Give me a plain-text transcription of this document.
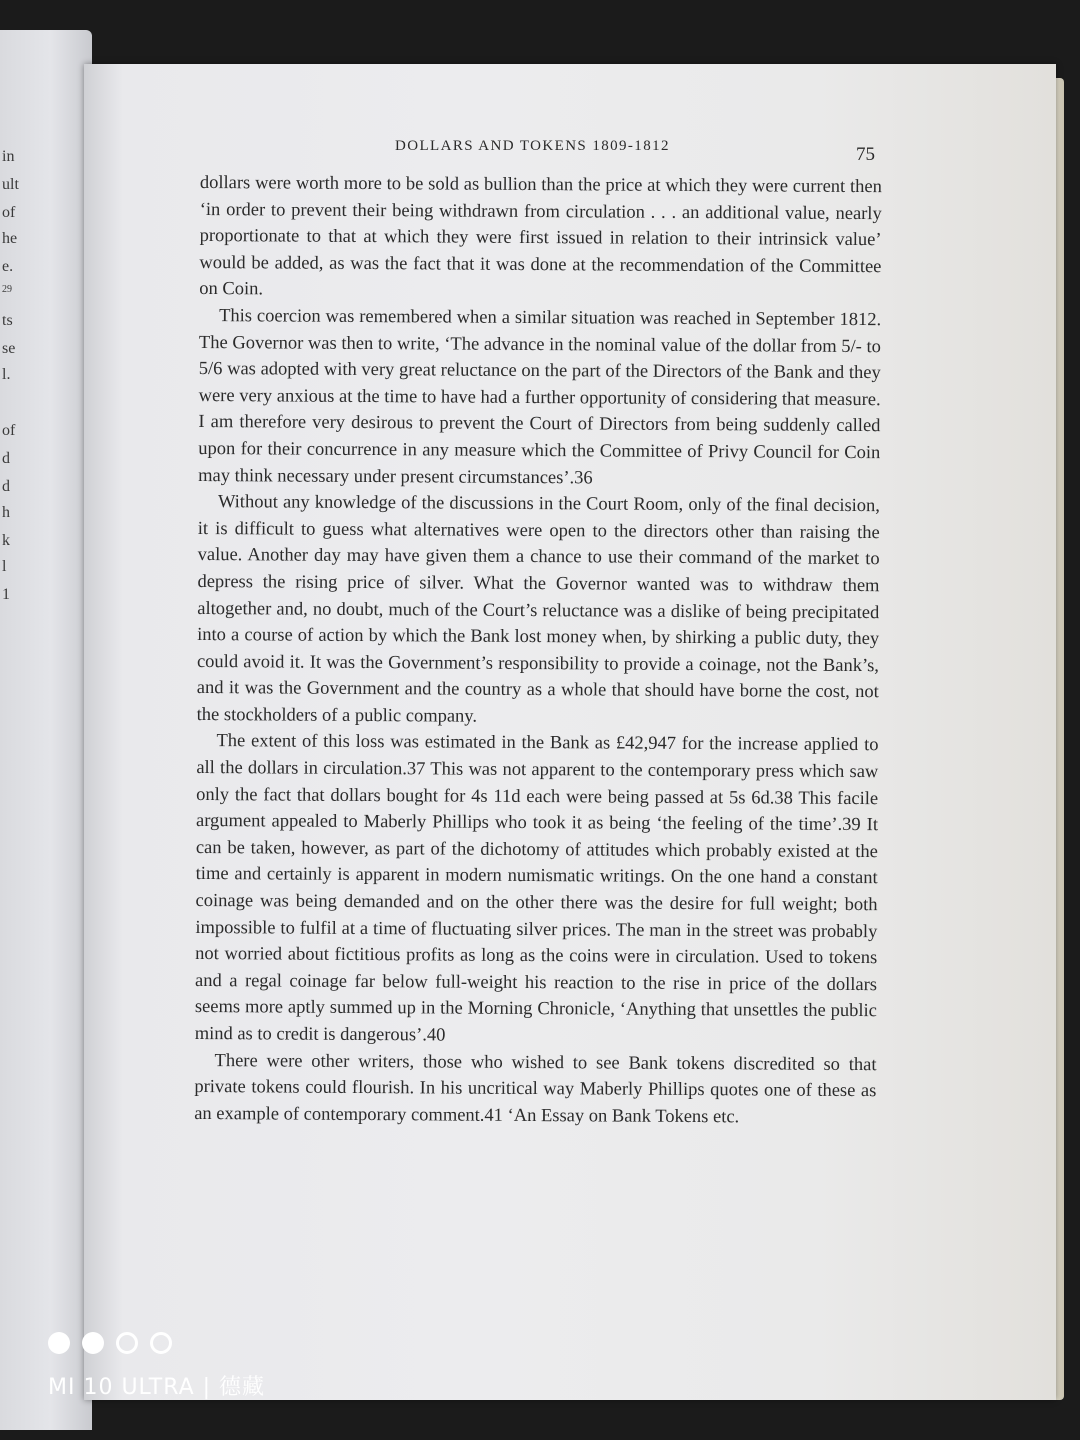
in
ult
of
he
e.
29
ts
se
l.
of
d
d
h
k
l
1
DOLLARS AND TOKENS 1809-1812	75

dollars were worth more to be sold as bullion than the price at which they were current then ‘in order to prevent their being withdrawn from circulation . . . an additional value, nearly proportionate to that at which they were first issued in relation to their intrinsick value’ would be added, as was the fact that it was done at the recommendation of the Committee on Coin.

This coercion was remembered when a similar situation was reached in September 1812. The Governor was then to write, ‘The advance in the nominal value of the dollar from 5/- to 5/6 was adopted with very great reluctance on the part of the Directors of the Bank and they were very anxious at the time to have had a further opportunity of considering that measure. I am therefore very desirous to prevent the Court of Directors from being suddenly called upon for their concurrence in any measure which the Committee of Privy Council for Coin may think necessary under present circumstances’.36

Without any knowledge of the discussions in the Court Room, only of the final decision, it is difficult to guess what alternatives were open to the directors other than raising the value. Another day may have given them a chance to use their command of the market to depress the rising price of silver. What the Governor wanted was to withdraw them altogether and, no doubt, much of the Court’s reluctance was a dislike of being precipitated into a course of action by which the Bank lost money when, by shirking a public duty, they could avoid it. It was the Government’s responsibility to provide a coinage, not the Bank’s, and it was the Government and the country as a whole that should have borne the cost, not the stockholders of a public company.

The extent of this loss was estimated in the Bank as £42,947 for the increase applied to all the dollars in circulation.37 This was not apparent to the contemporary press which saw only the fact that dollars bought for 4s 11d each were being passed at 5s 6d.38 This facile argument appealed to Maberly Phillips who took it as being ‘the feeling of the time’.39 It can be taken, however, as part of the dichotomy of attitudes which probably existed at the time and certainly is apparent in modern numismatic writings. On the one hand a constant coinage was being demanded and on the other there was the desire for full weight; both impossible to fulfil at a time of fluctuating silver prices. The man in the street was probably not worried about fictitious profits as long as the coins were in circulation. Used to tokens and a regal coinage far below full-weight his reaction to the rise in price of the dollars seems more aptly summed up in the Morning Chronicle, ‘Anything that unsettles the public mind as to credit is dangerous’.40

There were other writers, those who wished to see Bank tokens discredited so that private tokens could flourish. In his uncritical way Maberly Phillips quotes one of these as an example of contemporary comment.41 ‘An Essay on Bank Tokens etc.

MI 10 ULTRA | 德藏
